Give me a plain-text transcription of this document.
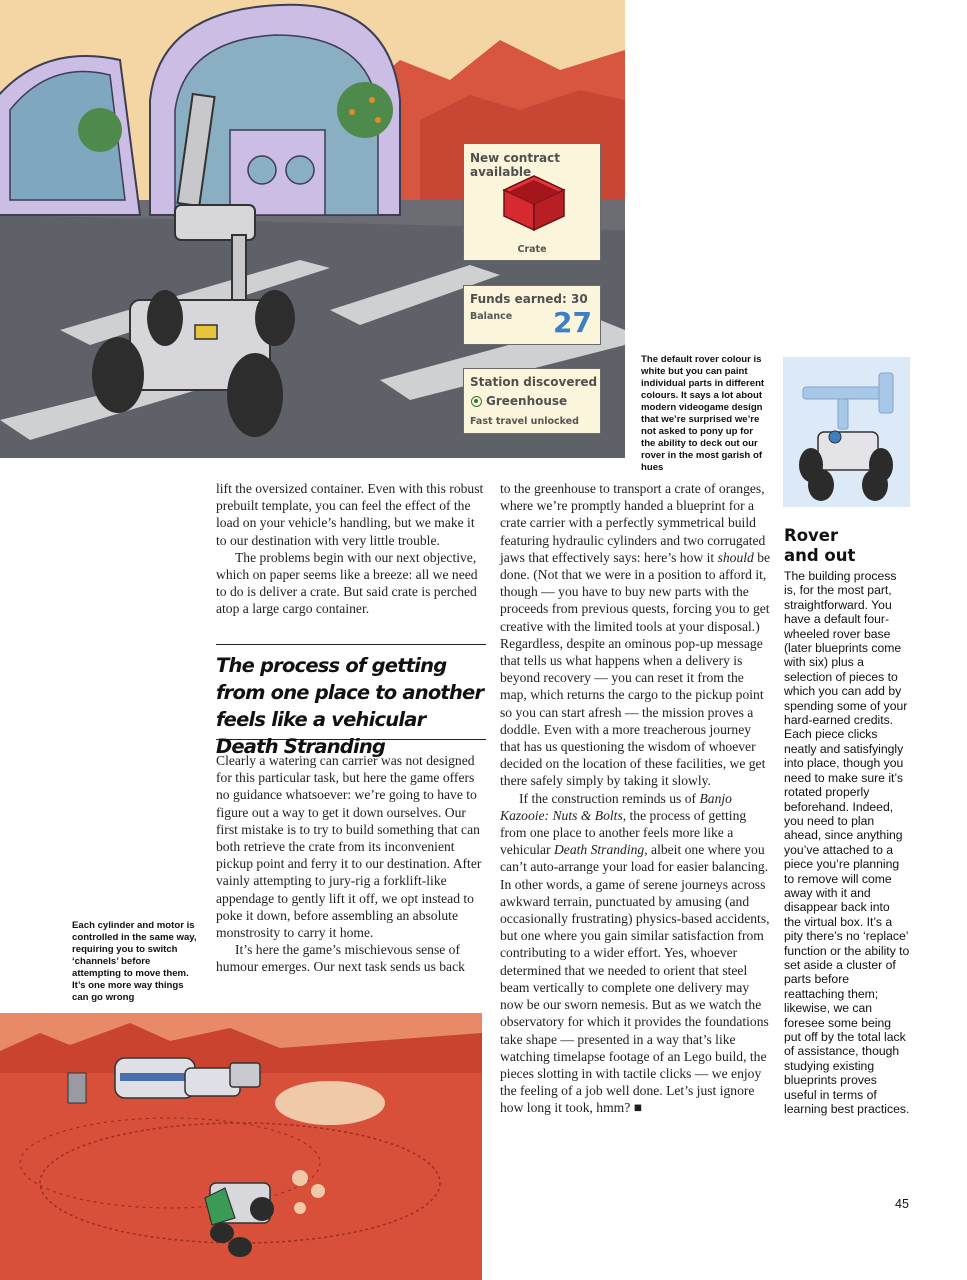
New contract available
Crate
Funds earned: 30
Balance 27
Station discovered
Greenhouse
Fast travel unlocked
The default rover colour is white but you can paint individual parts in different colours. It says a lot about modern videogame design that we’re surprised we’re not asked to pony up for the ability to deck out our rover in the most garish of hues
Each cylinder and motor is controlled in the same way, requiring you to switch ‘channels’ before attempting to move them. It’s one more way things can go wrong

lift the oversized container. Even with this robust prebuilt template, you can feel the effect of the load on your vehicle’s handling, but we make it to our destination with very little trouble.

The problems begin with our next objective, which on paper seems like a breeze: all we need to do is deliver a crate. But said crate is perched atop a large cargo container.

The process of getting from one place to another feels like a vehicular Death Stranding

Clearly a watering can carrier was not designed for this particular task, but here the game offers no guidance whatsoever: we’re going to have to figure out a way to get it down ourselves. Our first mistake is to try to build something that can both retrieve the crate from its inconvenient pickup point and ferry it to our destination. After vainly attempting to jury-rig a forklift-like appendage to gently lift it off, we opt instead to poke it down, before assembling an absolute monstrosity to carry it home.

It’s here the game’s mischievous sense of humour emerges. Our next task sends us back

to the greenhouse to transport a crate of oranges, where we’re promptly handed a blueprint for a crate carrier with a perfectly symmetrical build featuring hydraulic cylinders and two corrugated jaws that effectively says: here’s how it should be done. (Not that we were in a position to afford it, though — you have to buy new parts with the proceeds from previous quests, forcing you to get creative with the limited tools at your disposal.) Regardless, despite an ominous pop-up message that tells us what happens when a delivery is beyond recovery — you can reset it from the map, which returns the cargo to the pickup point so you can start afresh — the mission proves a doddle. Even with a more treacherous journey that has us questioning the wisdom of whoever decided on the location of these facilities, we get there safely simply by taking it slowly.

If the construction reminds us of Banjo Kazooie: Nuts & Bolts, the process of getting from one place to another feels more like a vehicular Death Stranding, albeit one where you can’t auto-arrange your load for easier balancing. In other words, a game of serene journeys across awkward terrain, punctuated by amusing (and occasionally frustrating) physics-based accidents, but one where you gain similar satisfaction from contributing to a wider effort. Yes, whoever determined that we needed to orient that steel beam vertically to complete one delivery may now be our sworn nemesis. But as we watch the observatory for which it provides the foundations take shape — presented in a way that’s like watching timelapse footage of an Lego build, the pieces slotting in with tactile clicks — we enjoy the feeling of a job well done. Let’s just ignore how long it took, hmm? ■

Rover
and out
The building process is, for the most part, straightforward. You have a default four-wheeled rover base (later blueprints come with six) plus a selection of pieces to which you can add by spending some of your hard-earned credits. Each piece clicks neatly and satisfyingly into place, though you need to make sure it’s rotated properly beforehand. Indeed, you need to plan ahead, since anything you’ve attached to a piece you’re planning to remove will come away with it and disappear back into the virtual box. It’s a pity there’s no ‘replace’ function or the ability to set aside a cluster of parts before reattaching them; likewise, we can foresee some being put off by the total lack of assistance, though studying existing blueprints proves useful in terms of learning best practices.
45
